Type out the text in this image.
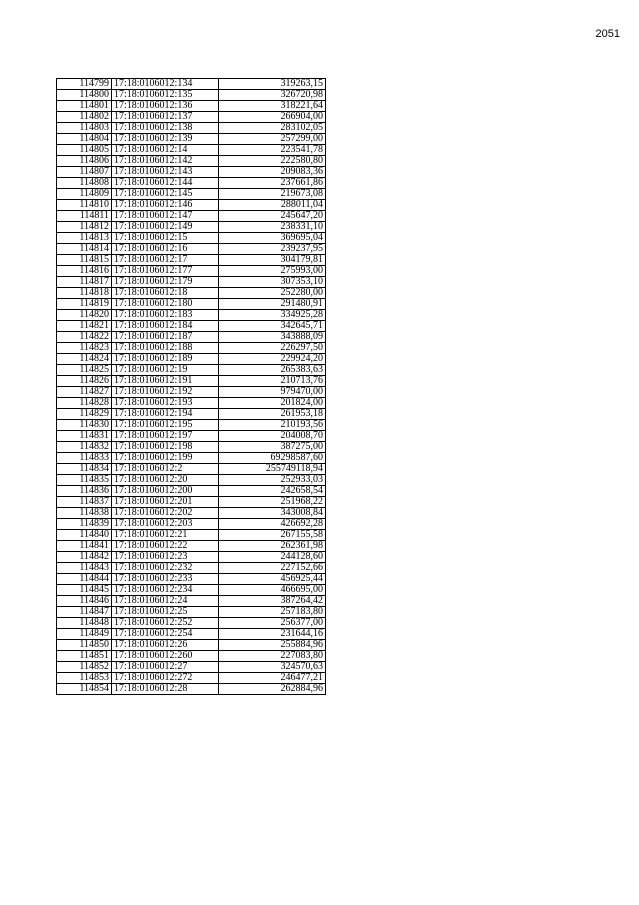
2051
114799	17:18:0106012:134	319263,15
114800	17:18:0106012:135	326720,98
114801	17:18:0106012:136	318221,64
114802	17:18:0106012:137	266904,00
114803	17:18:0106012:138	283102,05
114804	17:18:0106012:139	257299,00
114805	17:18:0106012:14	223541,78
114806	17:18:0106012:142	222580,80
114807	17:18:0106012:143	209083,36
114808	17:18:0106012:144	237661,86
114809	17:18:0106012:145	219673,08
114810	17:18:0106012:146	288011,04
114811	17:18:0106012:147	245647,20
114812	17:18:0106012:149	238331,10
114813	17:18:0106012:15	369695,04
114814	17:18:0106012:16	239237,95
114815	17:18:0106012:17	304179,81
114816	17:18:0106012:177	275993,00
114817	17:18:0106012:179	307353,10
114818	17:18:0106012:18	252280,00
114819	17:18:0106012:180	291480,91
114820	17:18:0106012:183	334925,28
114821	17:18:0106012:184	342645,71
114822	17:18:0106012:187	343888,09
114823	17:18:0106012:188	226297,50
114824	17:18:0106012:189	229924,20
114825	17:18:0106012:19	265383,63
114826	17:18:0106012:191	210713,76
114827	17:18:0106012:192	979470,00
114828	17:18:0106012:193	201824,00
114829	17:18:0106012:194	261953,18
114830	17:18:0106012:195	210193,56
114831	17:18:0106012:197	204008,70
114832	17:18:0106012:198	387275,00
114833	17:18:0106012:199	69298587,60
114834	17:18:0106012:2	255749118,94
114835	17:18:0106012:20	252933,03
114836	17:18:0106012:200	242658,54
114837	17:18:0106012:201	251968,22
114838	17:18:0106012:202	343008,84
114839	17:18:0106012:203	426692,28
114840	17:18:0106012:21	267155,58
114841	17:18:0106012:22	262361,98
114842	17:18:0106012:23	244128,60
114843	17:18:0106012:232	227152,66
114844	17:18:0106012:233	456925,44
114845	17:18:0106012:234	466695,00
114846	17:18:0106012:24	387264,42
114847	17:18:0106012:25	257183,80
114848	17:18:0106012:252	256377,00
114849	17:18:0106012:254	231644,16
114850	17:18:0106012:26	255884,96
114851	17:18:0106012:260	227083,80
114852	17:18:0106012:27	324570,63
114853	17:18:0106012:272	246477,21
114854	17:18:0106012:28	262884,96
